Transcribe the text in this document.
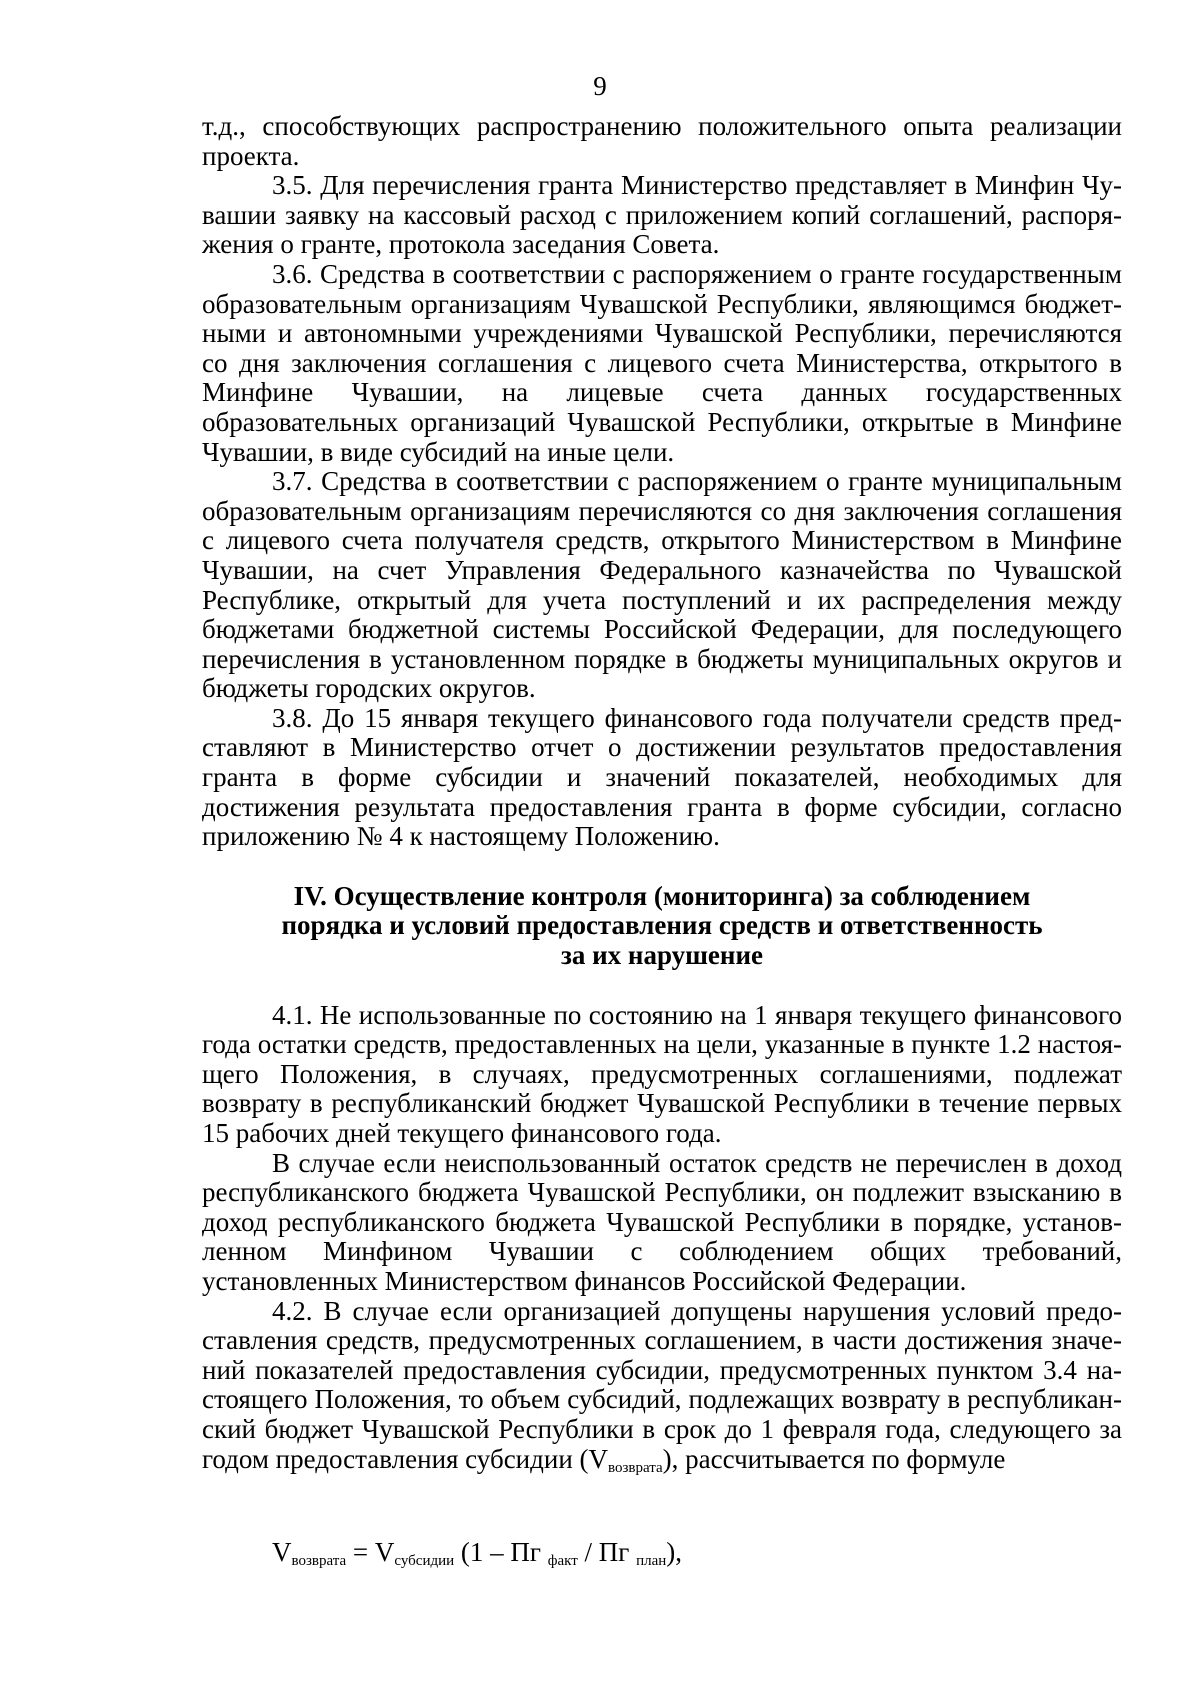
9

т.д., способствующих распространению положительного опыта реализации проекта.

3.5. Для перечисления гранта Министерство представляет в Минфин Чувашии заявку на кассовый расход с приложением копий соглашений, распоряжения о гранте, протокола заседания Совета.

3.6. Средства в соответствии с распоряжением о гранте государственным образовательным организациям Чувашской Республики, являющимся бюджетными и автономными учреждениями Чувашской Республики, перечисляются со дня заключения соглашения с лицевого счета Министерства, открытого в Минфине Чувашии, на лицевые счета данных государственных образовательных организаций Чувашской Республики, открытые в Минфине Чувашии, в виде субсидий на иные цели.

3.7. Средства в соответствии с распоряжением о гранте муниципальным образовательным организациям перечисляются со дня заключения соглашения с лицевого счета получателя средств, открытого Министерством в Минфине Чувашии, на счет Управления Федерального казначейства по Чувашской Республике, открытый для учета поступлений и их распределения между бюджетами бюджетной системы Российской Федерации, для последующего перечисления в установленном порядке в бюджеты муниципальных округов и бюджеты городских округов.

3.8. До 15 января текущего финансового года получатели средств представляют в Министерство отчет о достижении результатов предоставления гранта в форме субсидии и значений показателей, необходимых для достижения результата предоставления гранта в форме субсидии, согласно приложению № 4 к настоящему Положению.

IV. Осуществление контроля (мониторинга) за соблюдением
порядка и условий предоставления средств и ответственность
за их нарушение

4.1. Не использованные по состоянию на 1 января текущего финансового года остатки средств, предоставленных на цели, указанные в пункте 1.2 настоящего Положения, в случаях, предусмотренных соглашениями, подлежат возврату в республиканский бюджет Чувашской Республики в течение первых 15 рабочих дней текущего финансового года.

В случае если неиспользованный остаток средств не перечислен в доход республиканского бюджета Чувашской Республики, он подлежит взысканию в доход республиканского бюджета Чувашской Республики в порядке, установленном Минфином Чувашии с соблюдением общих требований, установленных Министерством финансов Российской Федерации.

4.2. В случае если организацией допущены нарушения условий предоставления средств, предусмотренных соглашением, в части достижения значений показателей предоставления субсидии, предусмотренных пунктом 3.4 настоящего Положения, то объем субсидий, подлежащих возврату в республиканский бюджет Чувашской Республики в срок до 1 февраля года, следующего за годом предоставления субсидии $(V_{возврата})$, рассчитывается по формуле

$V_{возврата} = V_{субсидии}$ (1 – Пг $_{факт}$ / Пг $_{план}$),
